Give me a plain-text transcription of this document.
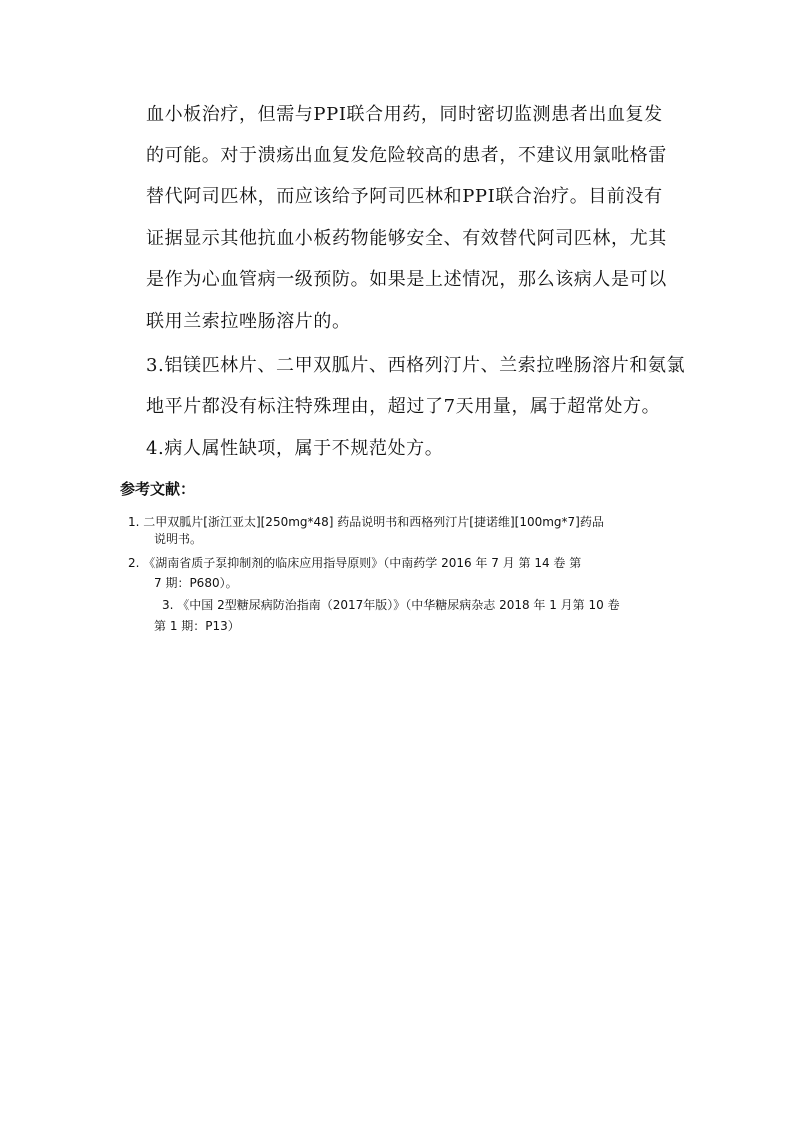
血小板治疗，但需与PPI联合用药，同时密切监测患者出血复发
的可能。对于溃疡出血复发危险较高的患者，不建议用氯吡格雷
替代阿司匹林，而应该给予阿司匹林和PPI联合治疗。目前没有
证据显示其他抗血小板药物能够安全、有效替代阿司匹林，尤其
是作为心血管病一级预防。如果是上述情况，那么该病人是可以
联用兰索拉唑肠溶片的。
3.铝镁匹林片、二甲双胍片、西格列汀片、兰索拉唑肠溶片和氨氯
地平片都没有标注特殊理由，超过了7天用量，属于超常处方。
4.病人属性缺项，属于不规范处方。
参考文献：
1. 二甲双胍片[浙江亚太][250mg*48] 药品说明书和西格列汀片[捷诺维][100mg*7]药品
说明书。
2. 《湖南省质子泵抑制剂的临床应用指导原则》（中南药学 2016 年 7 月 第 14 卷 第
7 期：P680）。
3. 《中国 2型糖尿病防治指南（2017年版）》（中华糖尿病杂志 2018 年 1 月第 10 卷
第 1 期：P13）
